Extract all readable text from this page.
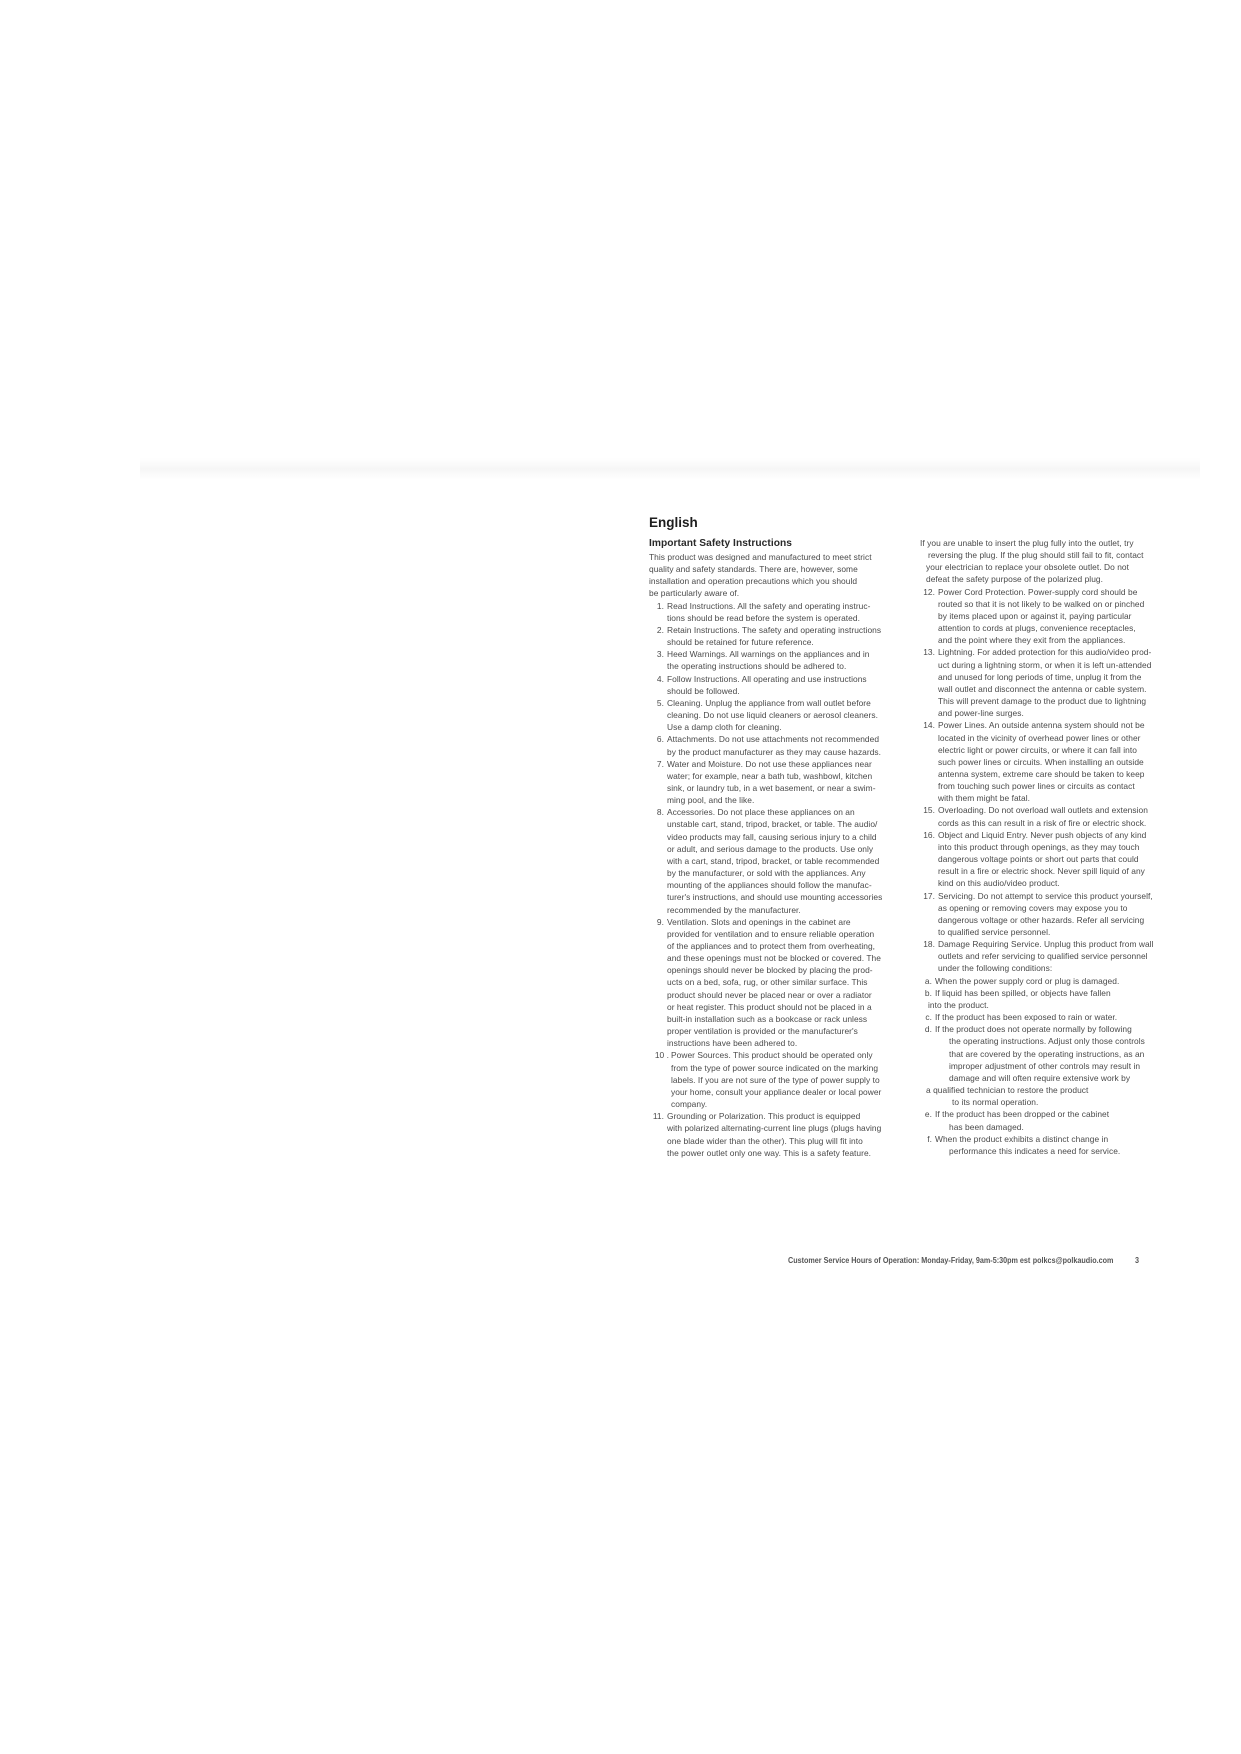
English
Important Safety Instructions
This product was designed and manufactured to meet strict
quality and safety standards. There are, however, some
installation and operation precautions which you should
be particularly aware of.
1. Read Instructions. All the safety and operating instruc-
tions should be read before the system is operated.
2. Retain Instructions. The safety and operating instructions
should be retained for future reference.
3. Heed Warnings. All warnings on the appliances and in
the operating instructions should be adhered to.
4. Follow Instructions. All operating and use instructions
should be followed.
5. Cleaning. Unplug the appliance from wall outlet before
cleaning. Do not use liquid cleaners or aerosol cleaners.
Use a damp cloth for cleaning.
6. Attachments. Do not use attachments not recommended
by the product manufacturer as they may cause hazards.
7. Water and Moisture. Do not use these appliances near
water; for example, near a bath tub, washbowl, kitchen
sink, or laundry tub, in a wet basement, or near a swim-
ming pool, and the like.
8. Accessories. Do not place these appliances on an
unstable cart, stand, tripod, bracket, or table. The audio/
video products may fall, causing serious injury to a child
or adult, and serious damage to the products. Use only
with a cart, stand, tripod, bracket, or table recommended
by the manufacturer, or sold with the appliances. Any
mounting of the appliances should follow the manufac-
turer's instructions, and should use mounting accessories
recommended by the manufacturer.
9. Ventilation. Slots and openings in the cabinet are
provided for ventilation and to ensure reliable operation
of the appliances and to protect them from overheating,
and these openings must not be blocked or covered. The
openings should never be blocked by placing the prod-
ucts on a bed, sofa, rug, or other similar surface. This
product should never be placed near or over a radiator
or heat register. This product should not be placed in a
built-in installation such as a bookcase or rack unless
proper ventilation is provided or the manufacturer's
instructions have been adhered to.
10 . Power Sources. This product should be operated only
from the type of power source indicated on the marking
labels. If you are not sure of the type of power supply to
your home, consult your appliance dealer or local power
company.
11. Grounding or Polarization. This product is equipped
with polarized alternating-current line plugs (plugs having
one blade wider than the other). This plug will fit into
the power outlet only one way. This is a safety feature.
If you are unable to insert the plug fully into the outlet, try
reversing the plug. If the plug should still fail to fit, contact
your electrician to replace your obsolete outlet. Do not
defeat the safety purpose of the polarized plug.
12. Power Cord Protection. Power-supply cord should be
routed so that it is not likely to be walked on or pinched
by items placed upon or against it, paying particular
attention to cords at plugs, convenience receptacles,
and the point where they exit from the appliances.
13. Lightning. For added protection for this audio/video prod-
uct during a lightning storm, or when it is left un-attended
and unused for long periods of time, unplug it from the
wall outlet and disconnect the antenna or cable system.
This will prevent damage to the product due to lightning
and power-line surges.
14. Power Lines. An outside antenna system should not be
located in the vicinity of overhead power lines or other
electric light or power circuits, or where it can fall into
such power lines or circuits. When installing an outside
antenna system, extreme care should be taken to keep
from touching such power lines or circuits as contact
with them might be fatal.
15. Overloading. Do not overload wall outlets and extension
cords as this can result in a risk of fire or electric shock.
16. Object and Liquid Entry. Never push objects of any kind
into this product through openings, as they may touch
dangerous voltage points or short out parts that could
result in a fire or electric shock. Never spill liquid of any
kind on this audio/video product.
17. Servicing. Do not attempt to service this product yourself,
as opening or removing covers may expose you to
dangerous voltage or other hazards. Refer all servicing
to qualified service personnel.
18. Damage Requiring Service. Unplug this product from wall
outlets and refer servicing to qualified service personnel
under the following conditions:
a. When the power supply cord or plug is damaged.
b. If liquid has been spilled, or objects have fallen
into the product.
c. If the product has been exposed to rain or water.
d. If the product does not operate normally by following
the operating instructions. Adjust only those controls
that are covered by the operating instructions, as an
improper adjustment of other controls may result in
damage and will often require extensive work by
a qualified technician to restore the product
to its normal operation.
e. If the product has been dropped or the cabinet
has been damaged.
f. When the product exhibits a distinct change in
performance this indicates a need for service.
Customer Service Hours of Operation: Monday-Friday, 9am-5:30pm est polkcs@polkaudio.com	3
